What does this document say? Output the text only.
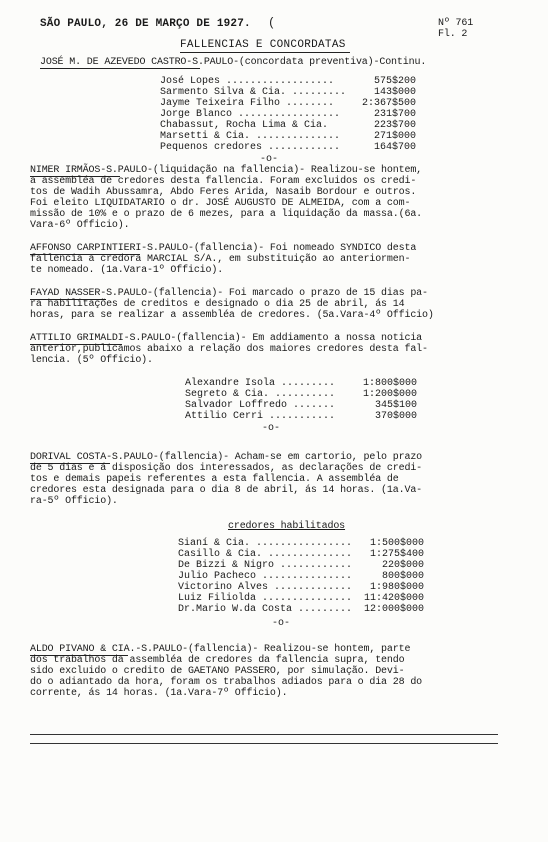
SÃO PAULO, 26 DE MARÇO DE 1927. (	Nº 761
Fl. 2
FALLENCIAS E CONCORDATAS
JOSÉ M. DE AZEVEDO CASTRO-S.PAULO-(concordata preventiva)-Continu.
José Lopes ..................	575$200
Sarmento Silva & Cia. .........	143$000
Jayme Teixeira Filho ........	2:367$500
Jorge Blanco .................	231$700
Chabassut, Rocha Lima & Cia.	223$700
Marsetti & Cia. ..............	271$000
Pequenos credores ............	164$700
-o-
NIMER IRMÃOS-S.PAULO-(liquidação na fallencia)- Realizou-se hontem,
a assembléa de credores desta fallencia. Foram excluidos os credi-
tos de Wadih Abussamra, Abdo Feres Arida, Nasaib Bordour e outros.
Foi eleito LIQUIDATARIO o dr. JOSÉ AUGUSTO DE ALMEIDA, com a com-
missão de 10% e o prazo de 6 mezes, para a liquidação da massa.(6a.
Vara-6º Officio).
AFFONSO CARPINTIERI-S.PAULO-(fallencia)- Foi nomeado SYNDICO desta
fallencia a credora MARCIAL S/A., em substituição ao anteriormen-
te nomeado. (1a.Vara-1º Officio).
FAYAD NASSER-S.PAULO-(fallencia)- Foi marcado o prazo de 15 dias pa-
ra habilitações de creditos e designado o dia 25 de abril, ás 14
horas, para se realizar a assembléa de credores. (5a.Vara-4º Officio)
ATTILIO GRIMALDI-S.PAULO-(fallencia)- Em addiamento a nossa noticia
anterior,publicamos abaixo a relação dos maiores credores desta fal-
lencia. (5º Officio).
Alexandre Isola .........	1:800$000
Segreto & Cia. ..........	1:200$000
Salvador Loffredo .......	345$100
Attilio Cerri ...........	370$000
-o-
DORIVAL COSTA-S.PAULO-(fallencia)- Acham-se em cartorio, pelo prazo
de 5 dias e á disposição dos interessados, as declarações de credi-
tos e demais papeis referentes a esta fallencia. A assembléa de
credores esta designada para o dia 8 de abril, ás 14 horas. (1a.Va-
ra-5º Officio).
credores habilitados
Sianí & Cia. ................	1:500$000
Casillo & Cia. ..............	1:275$400
De Bizzi & Nigro ............	220$000
Julio Pacheco ...............	800$000
Victorino Alves .............	1:980$000
Luiz Filiolda ...............	11:420$000
Dr.Mario W.da Costa .........	12:000$000
-o-
ALDO PIVANO & CIA.-S.PAULO-(fallencia)- Realizou-se hontem, parte
dos trabalhos da assembléa de credores da fallencia supra, tendo
sido excluido o credito de GAETANO PASSERO, por simulação. Devi-
do o adiantado da hora, foram os trabalhos adiados para o dia 28 do
corrente, ás 14 horas. (1a.Vara-7º Officio).
